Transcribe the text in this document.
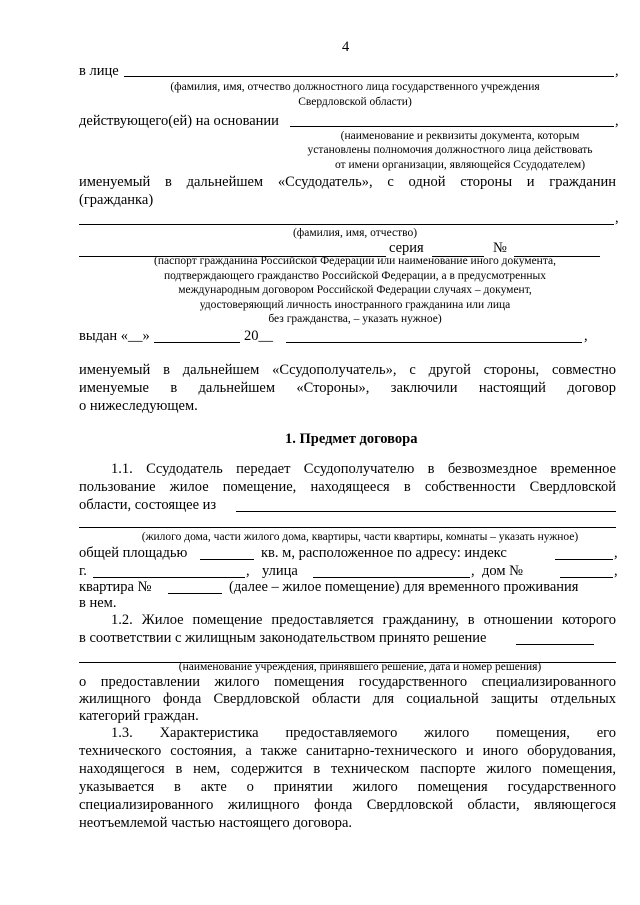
4
в лице	,
(фамилия, имя, отчество должностного лица государственного учреждения
Свердловской области)
действующего(ей) на основании	,
(наименование и реквизиты документа, которым
установлены полномочия должностного лица действовать
от имени организации, являющейся Ссудодателем)
именуемый в дальнейшем «Ссудодатель», с одной стороны и гражданин
(гражданка)
,
(фамилия, имя, отчество)
серия	№
(паспорт гражданина Российской Федерации или наименование иного документа,
подтверждающего гражданство Российской Федерации, а в предусмотренных
международным договором Российской Федерации случаях – документ,
удостоверяющий личность иностранного гражданина или лица
без гражданства, – указать нужное)
выдан «__»	20__	,
именуемый в дальнейшем «Ссудополучатель», с другой стороны, совместно
именуемые в дальнейшем «Стороны», заключили настоящий договор
о нижеследующем.
1. Предмет договора
1.1. Ссудодатель передает Ссудополучателю в безвозмездное временное
пользование жилое помещение, находящееся в собственности Свердловской
области, состоящее из
(жилого дома, части жилого дома, квартиры, части квартиры, комнаты – указать нужное)
общей площадью	кв. м, расположенное по адресу: индекс	,
г.	, улица	, дом №	,
квартира №	(далее – жилое помещение) для временного проживания
в нем.
1.2. Жилое помещение предоставляется гражданину, в отношении которого
в соответствии с жилищным законодательством принято решение
(наименование учреждения, принявшего решение, дата и номер решения)
о предоставлении жилого помещения государственного специализированного
жилищного фонда Свердловской области для социальной защиты отдельных
категорий граждан.
1.3. Характеристика предоставляемого жилого помещения, его
технического состояния, а также санитарно-технического и иного оборудования,
находящегося в нем, содержится в техническом паспорте жилого помещения,
указывается в акте о принятии жилого помещения государственного
специализированного жилищного фонда Свердловской области, являющегося
неотъемлемой частью настоящего договора.
